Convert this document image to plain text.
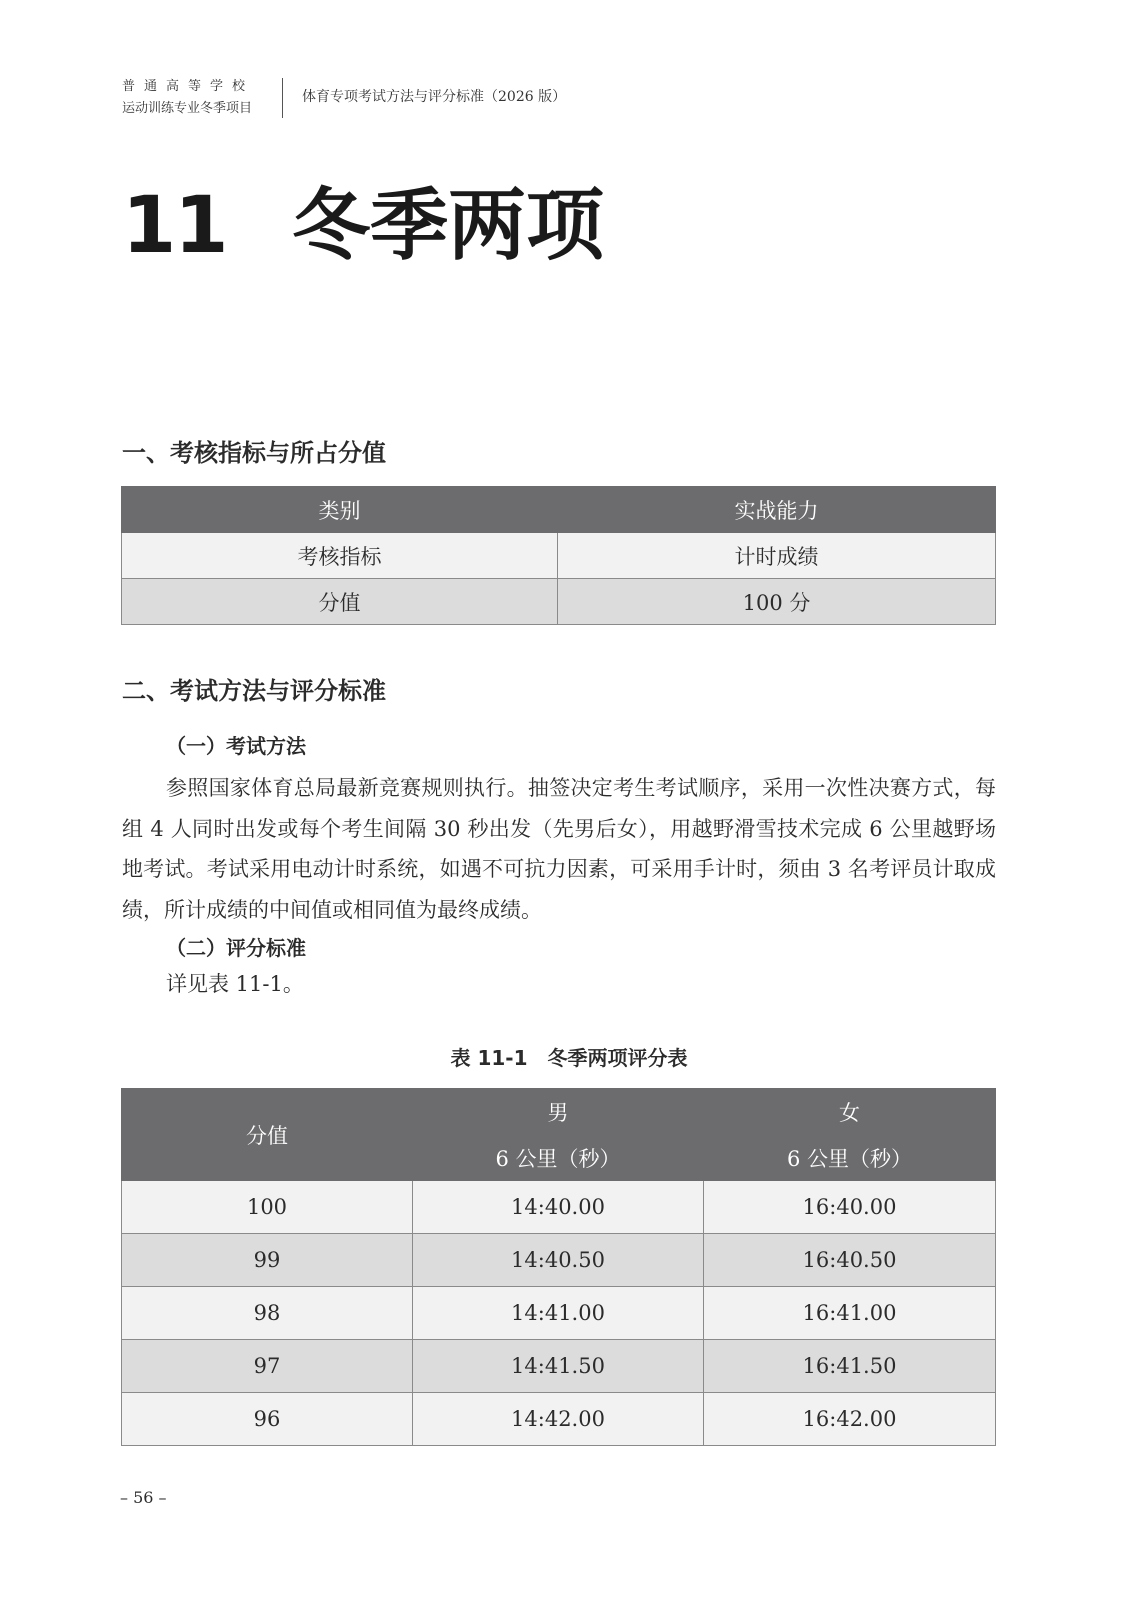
普通高等学校
运动训练专业冬季项目
体育专项考试方法与评分标准（2026 版）
11 冬季两项
一、考核指标与所占分值
类别	实战能力
考核指标	计时成绩
分值	100 分
二、考试方法与评分标准
（一）考试方法
参照国家体育总局最新竞赛规则执行。抽签决定考生考试顺序，采用一次性决赛方式，每组 4 人同时出发或每个考生间隔 30 秒出发（先男后女），用越野滑雪技术完成 6 公里越野场地考试。考试采用电动计时系统，如遇不可抗力因素，可采用手计时，须由 3 名考评员计取成绩，所计成绩的中间值或相同值为最终成绩。
（二）评分标准
详见表 11-1。
表 11-1　冬季两项评分表
分值	男	女
	6 公里（秒）	6 公里（秒）
100	14:40.00	16:40.00
99	14:40.50	16:40.50
98	14:41.00	16:41.00
97	14:41.50	16:41.50
96	14:42.00	16:42.00
– 56 –
